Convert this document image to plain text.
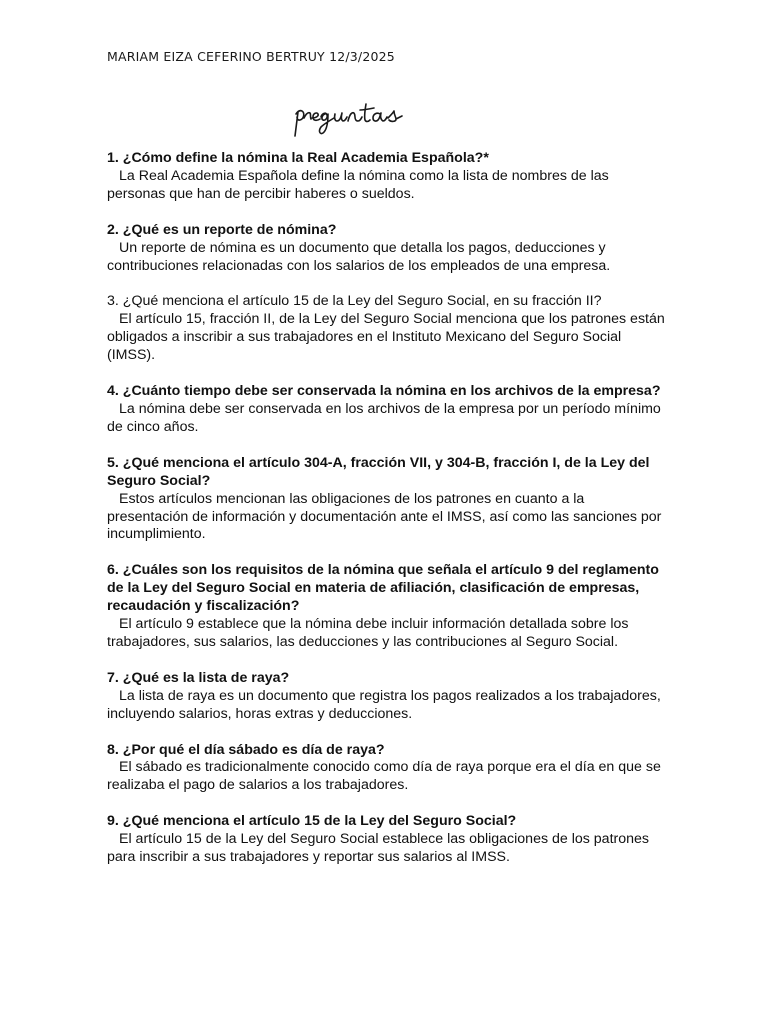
MARIAM EIZA CEFERINO BERTRUY 12/3/2025
1. ¿Cómo define la nómina la Real Academia Española?*
La Real Academia Española define la nómina como la lista de nombres de las personas que han de percibir haberes o sueldos.
2. ¿Qué es un reporte de nómina?
Un reporte de nómina es un documento que detalla los pagos, deducciones y contribuciones relacionadas con los salarios de los empleados de una empresa.
3. ¿Qué menciona el artículo 15 de la Ley del Seguro Social, en su fracción II?
El artículo 15, fracción II, de la Ley del Seguro Social menciona que los patrones están obligados a inscribir a sus trabajadores en el Instituto Mexicano del Seguro Social (IMSS).
4. ¿Cuánto tiempo debe ser conservada la nómina en los archivos de la empresa?
La nómina debe ser conservada en los archivos de la empresa por un período mínimo de cinco años.
5. ¿Qué menciona el artículo 304-A, fracción VII, y 304-B, fracción I, de la Ley del Seguro Social?
Estos artículos mencionan las obligaciones de los patrones en cuanto a la presentación de información y documentación ante el IMSS, así como las sanciones por incumplimiento.
6. ¿Cuáles son los requisitos de la nómina que señala el artículo 9 del reglamento de la Ley del Seguro Social en materia de afiliación, clasificación de empresas, recaudación y fiscalización?
El artículo 9 establece que la nómina debe incluir información detallada sobre los trabajadores, sus salarios, las deducciones y las contribuciones al Seguro Social.
7. ¿Qué es la lista de raya?
La lista de raya es un documento que registra los pagos realizados a los trabajadores, incluyendo salarios, horas extras y deducciones.
8. ¿Por qué el día sábado es día de raya?
El sábado es tradicionalmente conocido como día de raya porque era el día en que se realizaba el pago de salarios a los trabajadores.
9. ¿Qué menciona el artículo 15 de la Ley del Seguro Social?
El artículo 15 de la Ley del Seguro Social establece las obligaciones de los patrones para inscribir a sus trabajadores y reportar sus salarios al IMSS.
